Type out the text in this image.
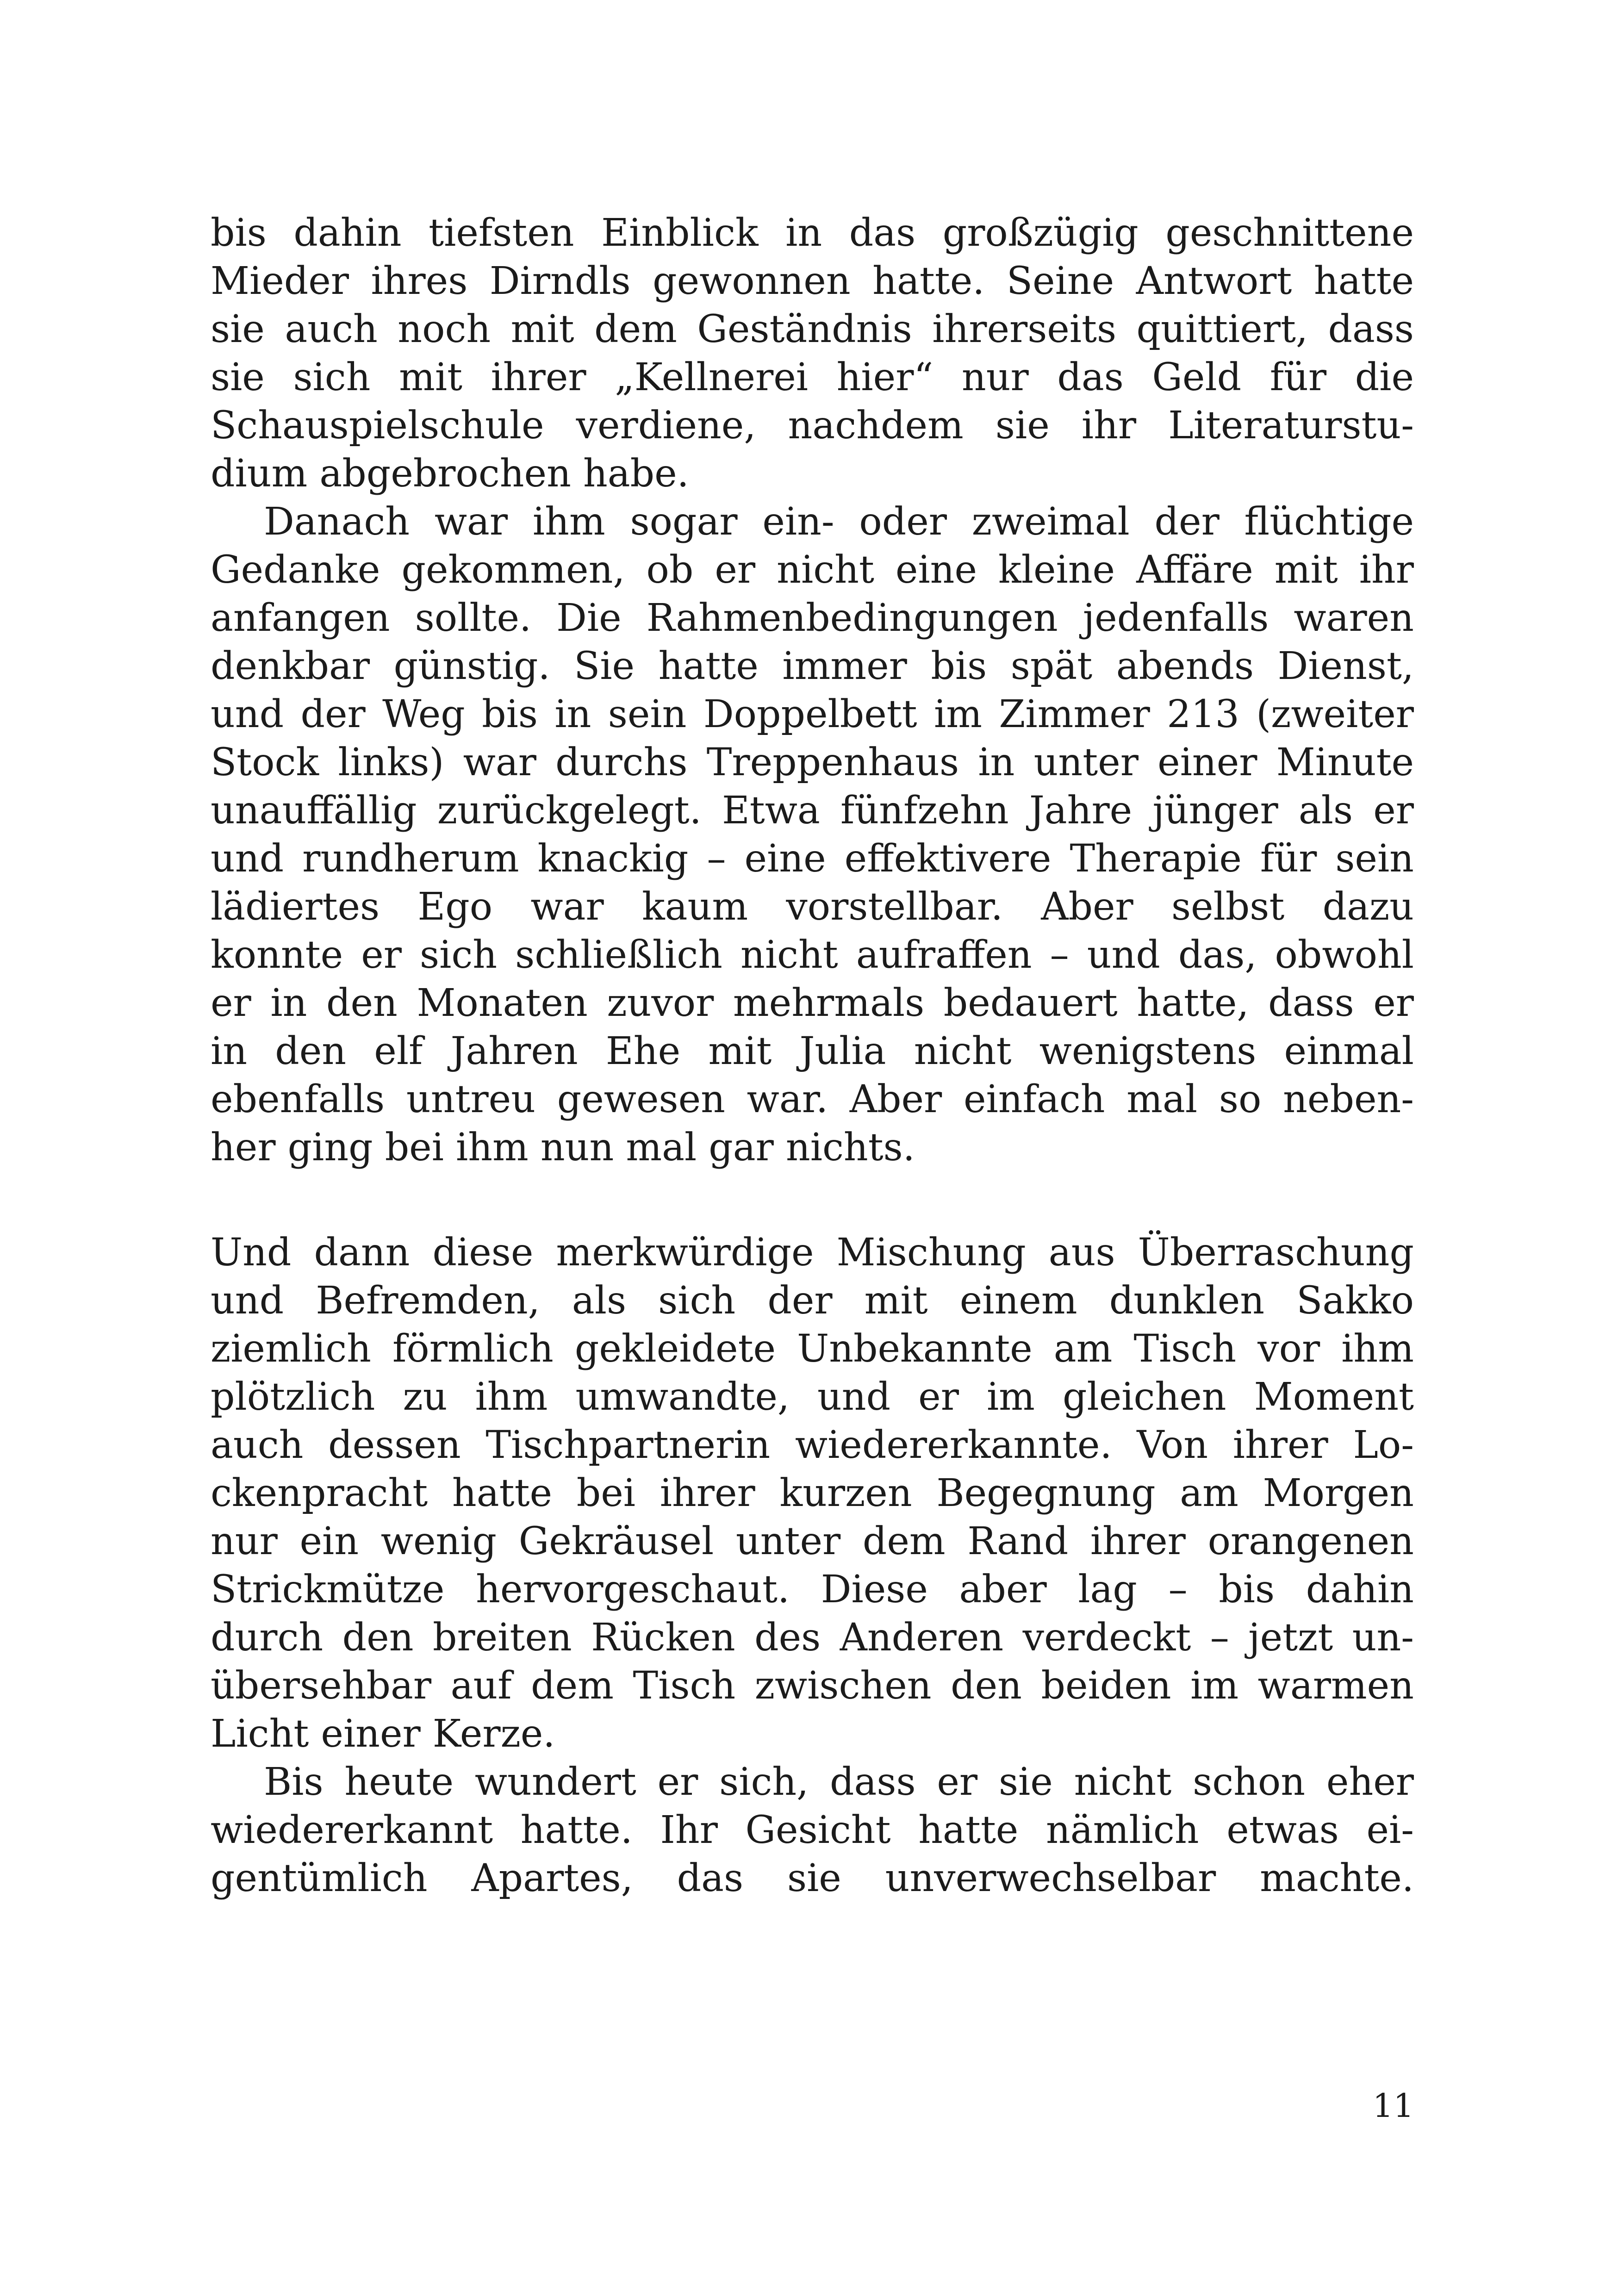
bis dahin tiefsten Einblick in das großzügig geschnittene
Mieder ihres Dirndls gewonnen hatte. Seine Antwort hatte
sie auch noch mit dem Geständnis ihrerseits quittiert, dass
sie sich mit ihrer „Kellnerei hier“ nur das Geld für die
Schauspielschule verdiene, nachdem sie ihr Literaturstu-
dium abgebrochen habe.
Danach war ihm sogar ein- oder zweimal der flüchtige
Gedanke gekommen, ob er nicht eine kleine Affäre mit ihr
anfangen sollte. Die Rahmenbedingungen jedenfalls waren
denkbar günstig. Sie hatte immer bis spät abends Dienst,
und der Weg bis in sein Doppelbett im Zimmer 213 (zweiter
Stock links) war durchs Treppenhaus in unter einer Minute
unauffällig zurückgelegt. Etwa fünfzehn Jahre jünger als er
und rundherum knackig – eine effektivere Therapie für sein
lädiertes Ego war kaum vorstellbar. Aber selbst dazu
konnte er sich schließlich nicht aufraffen – und das, obwohl
er in den Monaten zuvor mehrmals bedauert hatte, dass er
in den elf Jahren Ehe mit Julia nicht wenigstens einmal
ebenfalls untreu gewesen war. Aber einfach mal so neben-
her ging bei ihm nun mal gar nichts.
Und dann diese merkwürdige Mischung aus Überraschung
und Befremden, als sich der mit einem dunklen Sakko
ziemlich förmlich gekleidete Unbekannte am Tisch vor ihm
plötzlich zu ihm umwandte, und er im gleichen Moment
auch dessen Tischpartnerin wiedererkannte. Von ihrer Lo-
ckenpracht hatte bei ihrer kurzen Begegnung am Morgen
nur ein wenig Gekräusel unter dem Rand ihrer orangenen
Strickmütze hervorgeschaut. Diese aber lag – bis dahin
durch den breiten Rücken des Anderen verdeckt – jetzt un-
übersehbar auf dem Tisch zwischen den beiden im warmen
Licht einer Kerze.
Bis heute wundert er sich, dass er sie nicht schon eher
wiedererkannt hatte. Ihr Gesicht hatte nämlich etwas ei-
gentümlich Apartes, das sie unverwechselbar machte.
11
